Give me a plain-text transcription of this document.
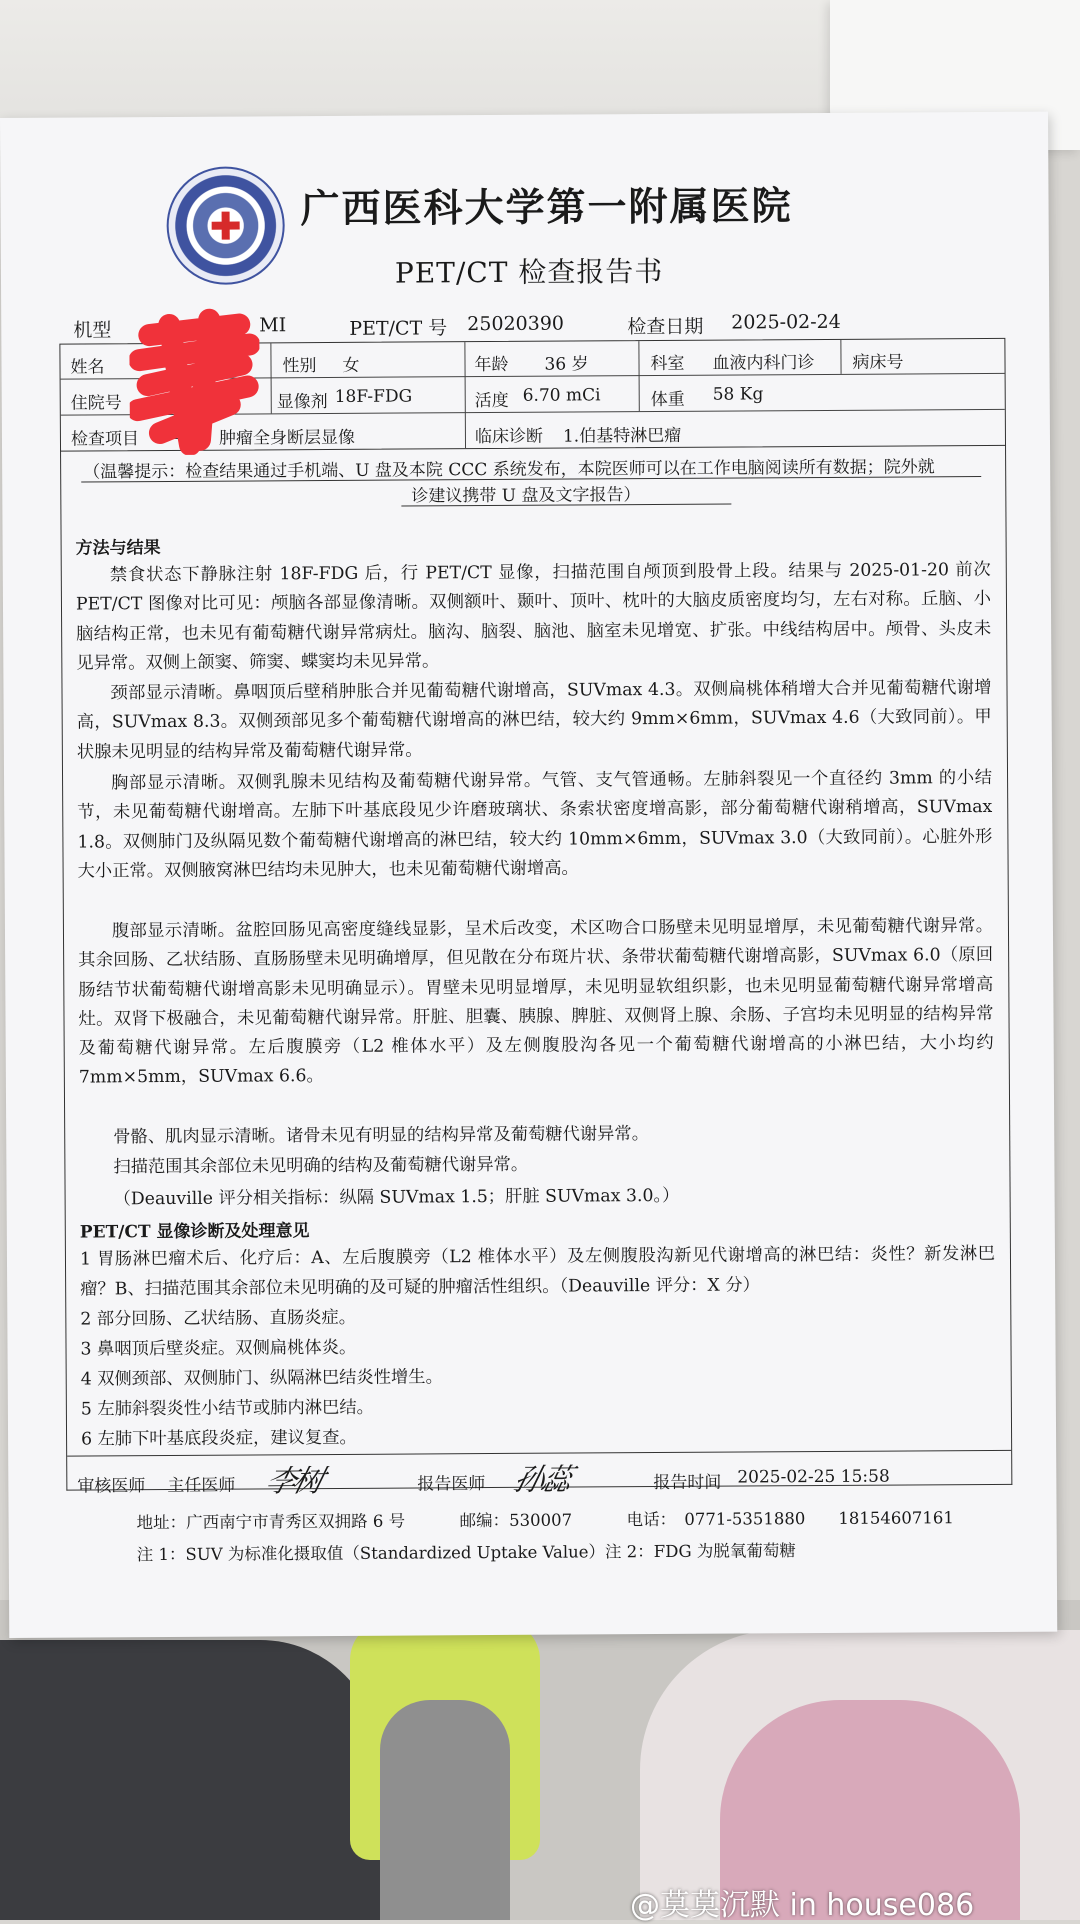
广西医科大学第一附属医院
PET/CT 检查报告书
机型	MI	PET/CT 号 25020390	检查日期 2025-02-24
姓名	性别 女	年龄 36 岁	科室 血液内科门诊 病床号
住院号	显像剂 18F-FDG	活度 6.70 mCi	体重 58 Kg
检查项目 PET 肿瘤全身断层显像	临床诊断 1.伯基特淋巴瘤
（温馨提示：检查结果通过手机端、U 盘及本院 CCC 系统发布，本院医师可以在工作电脑阅读所有数据；院外就
诊建议携带 U 盘及文字报告）
方法与结果

禁食状态下静脉注射 18F-FDG 后，行 PET/CT 显像，扫描范围自颅顶到股骨上段。结果与 2025-01-20 前次 PET/CT 图像对比可见：颅脑各部显像清晰。双侧额叶、颞叶、顶叶、枕叶的大脑皮质密度均匀，左右对称。丘脑、小脑结构正常，也未见有葡萄糖代谢异常病灶。脑沟、脑裂、脑池、脑室未见增宽、扩张。中线结构居中。颅骨、头皮未见异常。双侧上颌窦、筛窦、蝶窦均未见异常。

颈部显示清晰。鼻咽顶后壁稍肿胀合并见葡萄糖代谢增高，SUVmax 4.3。双侧扁桃体稍增大合并见葡萄糖代谢增高，SUVmax 8.3。双侧颈部见多个葡萄糖代谢增高的淋巴结，较大约 9mm×6mm，SUVmax 4.6（大致同前）。甲状腺未见明显的结构异常及葡萄糖代谢异常。

胸部显示清晰。双侧乳腺未见结构及葡萄糖代谢异常。气管、支气管通畅。左肺斜裂见一个直径约 3mm 的小结节，未见葡萄糖代谢增高。左肺下叶基底段见少许磨玻璃状、条索状密度增高影，部分葡萄糖代谢稍增高，SUVmax 1.8。双侧肺门及纵隔见数个葡萄糖代谢增高的淋巴结，较大约 10mm×6mm，SUVmax 3.0（大致同前）。心脏外形大小正常。双侧腋窝淋巴结均未见肿大，也未见葡萄糖代谢增高。

腹部显示清晰。盆腔回肠见高密度缝线显影，呈术后改变，术区吻合口肠壁未见明显增厚，未见葡萄糖代谢异常。其余回肠、乙状结肠、直肠肠壁未见明确增厚，但见散在分布斑片状、条带状葡萄糖代谢增高影，SUVmax 6.0（原回肠结节状葡萄糖代谢增高影未见明确显示）。胃壁未见明显增厚，未见明显软组织影，也未见明显葡萄糖代谢异常增高灶。双肾下极融合，未见葡萄糖代谢异常。肝脏、胆囊、胰腺、脾脏、双侧肾上腺、余肠、子宫均未见明显的结构异常及葡萄糖代谢异常。左后腹膜旁（L2 椎体水平）及左侧腹股沟各见一个葡萄糖代谢增高的小淋巴结，大小均约 7mm×5mm，SUVmax 6.6。

骨骼、肌肉显示清晰。诸骨未见有明显的结构异常及葡萄糖代谢异常。

扫描范围其余部位未见明确的结构及葡萄糖代谢异常。

（Deauville 评分相关指标：纵隔 SUVmax 1.5；肝脏 SUVmax 3.0。）

PET/CT 显像诊断及处理意见

1 胃肠淋巴瘤术后、化疗后：A、左后腹膜旁（L2 椎体水平）及左侧腹股沟新见代谢增高的淋巴结：炎性？新发淋巴瘤？B、扫描范围其余部位未见明确的及可疑的肿瘤活性组织。（Deauville 评分：X 分）

2 部分回肠、乙状结肠、直肠炎症。

3 鼻咽顶后壁炎症。双侧扁桃体炎。

4 双侧颈部、双侧肺门、纵隔淋巴结炎性增生。

5 左肺斜裂炎性小结节或肺内淋巴结。

6 左肺下叶基底段炎症，建议复查。

审核医师 主任医师 李树	报告医师 孙蕊	报告时间 2025-02-25 15:58
地址：广西南宁市青秀区双拥路 6 号	邮编：530007	电话：　0771-5351880　　18154607161
注 1：SUV 为标准化摄取值（Standardized Uptake Value）注 2：FDG 为脱氧葡萄糖
@莫莫沉默 in house086
